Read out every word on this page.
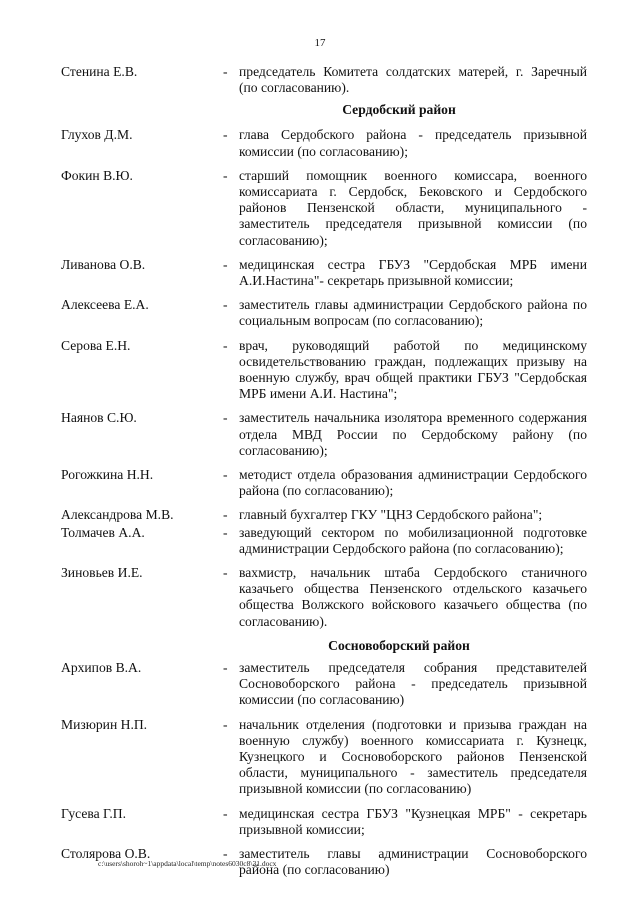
17
Стенина Е.В.	- председатель Комитета солдатских матерей, г. Заречный (по согласованию).
Сердобский район
Глухов Д.М.	- глава Сердобского района - председатель призывной комиссии (по согласованию);
Фокин В.Ю.	- старший помощник военного комиссара, военного комиссариата г. Сердобск, Бековского и Сердобского районов Пензенской области, муниципального - заместитель председателя призывной комиссии (по согласованию);
Ливанова О.В.	- медицинская сестра ГБУЗ "Сердобская МРБ имени А.И.Настина"- секретарь призывной комиссии;
Алексеева Е.А.	- заместитель главы администрации Сердобского района по социальным вопросам (по согласованию);
Серова Е.Н.	- врач, руководящий работой по медицинскому освидетельствованию граждан, подлежащих призыву на военную службу, врач общей практики ГБУЗ "Сердобская МРБ имени А.И. Настина";
Наянов С.Ю.	- заместитель начальника изолятора временного содержания отдела МВД России по Сердобскому району (по согласованию);
Рогожкина Н.Н.	- методист отдела образования администрации Сердобского района (по согласованию);
Александрова М.В.	- главный бухгалтер ГКУ "ЦНЗ Сердобского района";
Толмачев А.А.	- заведующий сектором по мобилизационной подготовке администрации Сердобского района (по согласованию);
Зиновьев И.Е.	- вахмистр, начальник штаба Сердобского станичного казачьего общества Пензенского отдельского казачьего общества Волжского войскового казачьего общества (по согласованию).
Сосновоборский район
Архипов В.А.	- заместитель председателя собрания представителей Сосновоборского района - председатель призывной комиссии (по согласованию)
Мизюрин Н.П.	- начальник отделения (подготовки и призыва граждан на военную службу) военного комиссариата г. Кузнецк, Кузнецкого и Сосновоборского районов Пензенской области, муниципального - заместитель председателя призывной комиссии (по согласованию)
Гусева Г.П.	- медицинская сестра ГБУЗ "Кузнецкая МРБ" - секретарь призывной комиссии;
Столярова О.В.	- заместитель главы администрации Сосновоборского района (по согласованию)
c:\users\shoroh~1\appdata\local\temp\notes6030c8\31.docx
